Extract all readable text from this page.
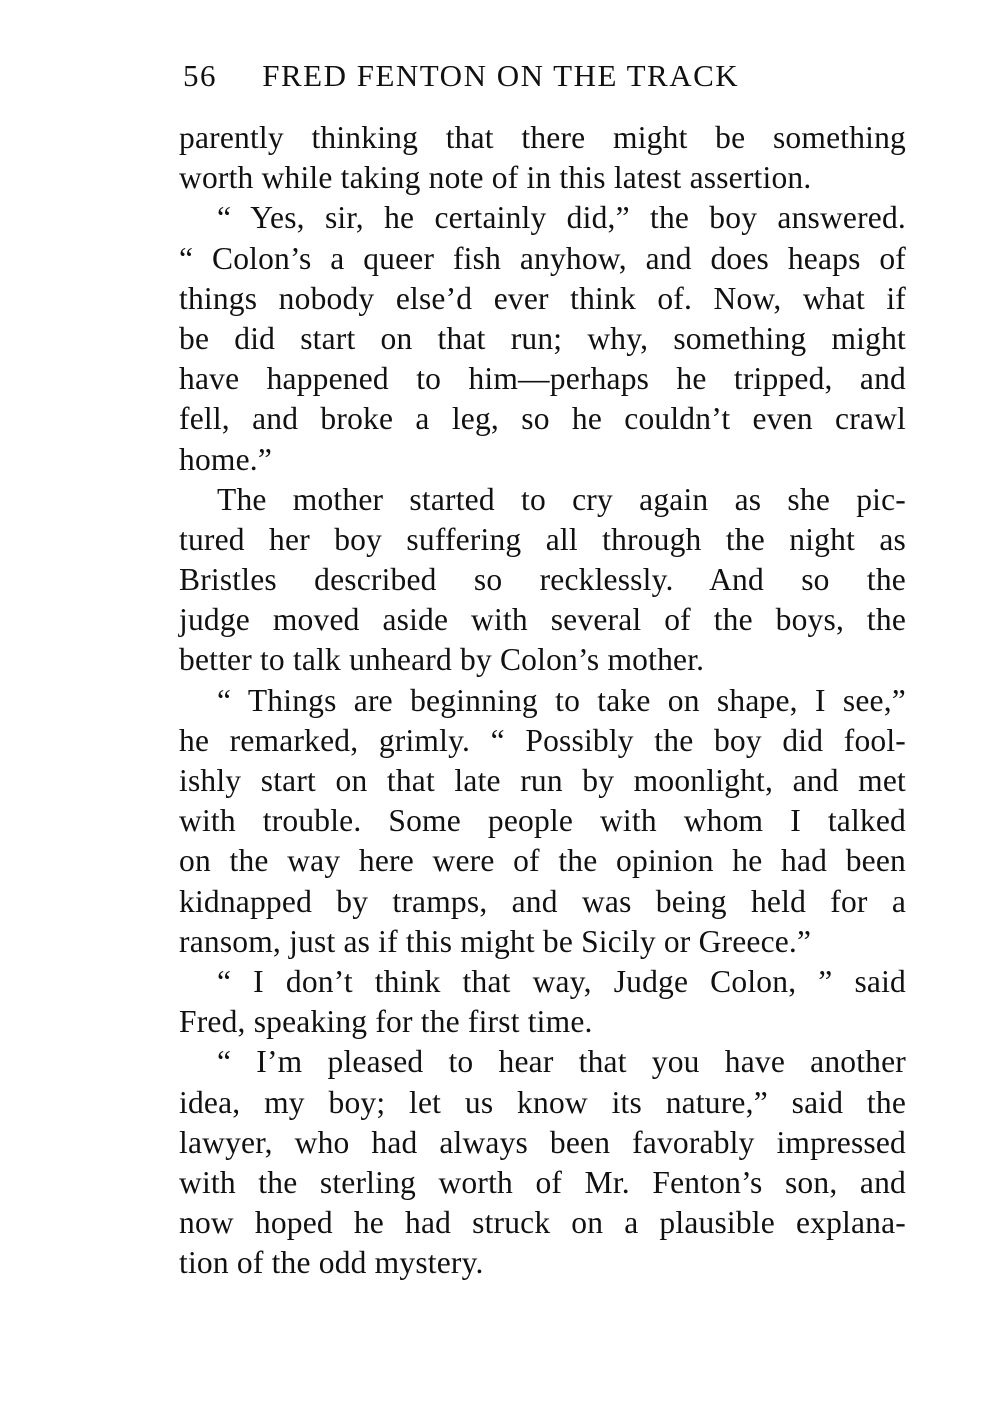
56 FRED FENTON ON THE TRACK
parently thinking that there might be something
worth while taking note of in this latest assertion.
“ Yes, sir, he certainly did,” the boy answered.
“ Colon’s a queer fish anyhow, and does heaps of
things nobody else’d ever think of. Now, what if
be did start on that run; why, something might
have happened to him—perhaps he tripped, and
fell, and broke a leg, so he couldn’t even crawl
home.”
The mother started to cry again as she pic-
tured her boy suffering all through the night as
Bristles described so recklessly. And so the
judge moved aside with several of the boys, the
better to talk unheard by Colon’s mother.
“ Things are beginning to take on shape, I see,”
he remarked, grimly. “ Possibly the boy did fool-
ishly start on that late run by moonlight, and met
with trouble. Some people with whom I talked
on the way here were of the opinion he had been
kidnapped by tramps, and was being held for a
ransom, just as if this might be Sicily or Greece.”
“ I don’t think that way, Judge Colon, ” said
Fred, speaking for the first time.
“ I’m pleased to hear that you have another
idea, my boy; let us know its nature,” said the
lawyer, who had always been favorably impressed
with the sterling worth of Mr. Fenton’s son, and
now hoped he had struck on a plausible explana-
tion of the odd mystery.
